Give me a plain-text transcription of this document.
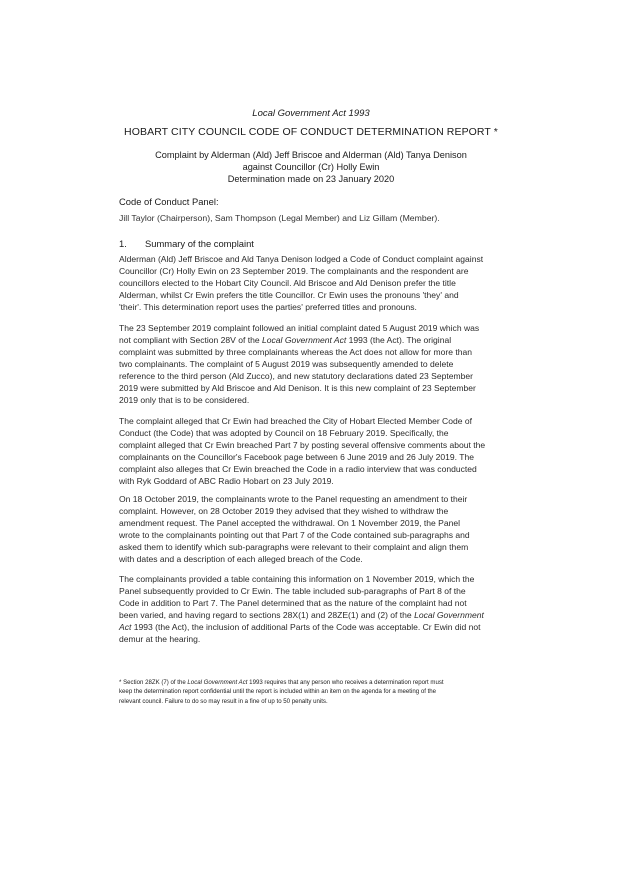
Local Government Act 1993
HOBART CITY COUNCIL CODE OF CONDUCT DETERMINATION REPORT *
Complaint by Alderman (Ald) Jeff Briscoe and Alderman (Ald) Tanya Denison
against Councillor (Cr) Holly Ewin
Determination made on 23 January 2020
Code of Conduct Panel:
Jill Taylor (Chairperson), Sam Thompson (Legal Member) and Liz Gillam (Member).
1. Summary of the complaint
Alderman (Ald) Jeff Briscoe and Ald Tanya Denison lodged a Code of Conduct complaint against
Councillor (Cr) Holly Ewin on 23 September 2019. The complainants and the respondent are
councillors elected to the Hobart City Council. Ald Briscoe and Ald Denison prefer the title
Alderman, whilst Cr Ewin prefers the title Councillor. Cr Ewin uses the pronouns 'they' and
'their'. This determination report uses the parties' preferred titles and pronouns.
The 23 September 2019 complaint followed an initial complaint dated 5 August 2019 which was
not compliant with Section 28V of the Local Government Act 1993 (the Act). The original
complaint was submitted by three complainants whereas the Act does not allow for more than
two complainants. The complaint of 5 August 2019 was subsequently amended to delete
reference to the third person (Ald Zucco), and new statutory declarations dated 23 September
2019 were submitted by Ald Briscoe and Ald Denison. It is this new complaint of 23 September
2019 only that is to be considered.
The complaint alleged that Cr Ewin had breached the City of Hobart Elected Member Code of
Conduct (the Code) that was adopted by Council on 18 February 2019. Specifically, the
complaint alleged that Cr Ewin breached Part 7 by posting several offensive comments about the
complainants on the Councillor's Facebook page between 6 June 2019 and 26 July 2019. The
complaint also alleges that Cr Ewin breached the Code in a radio interview that was conducted
with Ryk Goddard of ABC Radio Hobart on 23 July 2019.
On 18 October 2019, the complainants wrote to the Panel requesting an amendment to their
complaint. However, on 28 October 2019 they advised that they wished to withdraw the
amendment request. The Panel accepted the withdrawal. On 1 November 2019, the Panel
wrote to the complainants pointing out that Part 7 of the Code contained sub-paragraphs and
asked them to identify which sub-paragraphs were relevant to their complaint and align them
with dates and a description of each alleged breach of the Code.
The complainants provided a table containing this information on 1 November 2019, which the
Panel subsequently provided to Cr Ewin. The table included sub-paragraphs of Part 8 of the
Code in addition to Part 7. The Panel determined that as the nature of the complaint had not
been varied, and having regard to sections 28X(1) and 28ZE(1) and (2) of the Local Government
Act 1993 (the Act), the inclusion of additional Parts of the Code was acceptable. Cr Ewin did not
demur at the hearing.
* Section 28ZK (7) of the Local Government Act 1993 requires that any person who receives a determination report must
keep the determination report confidential until the report is included within an item on the agenda for a meeting of the
relevant council. Failure to do so may result in a fine of up to 50 penalty units.
